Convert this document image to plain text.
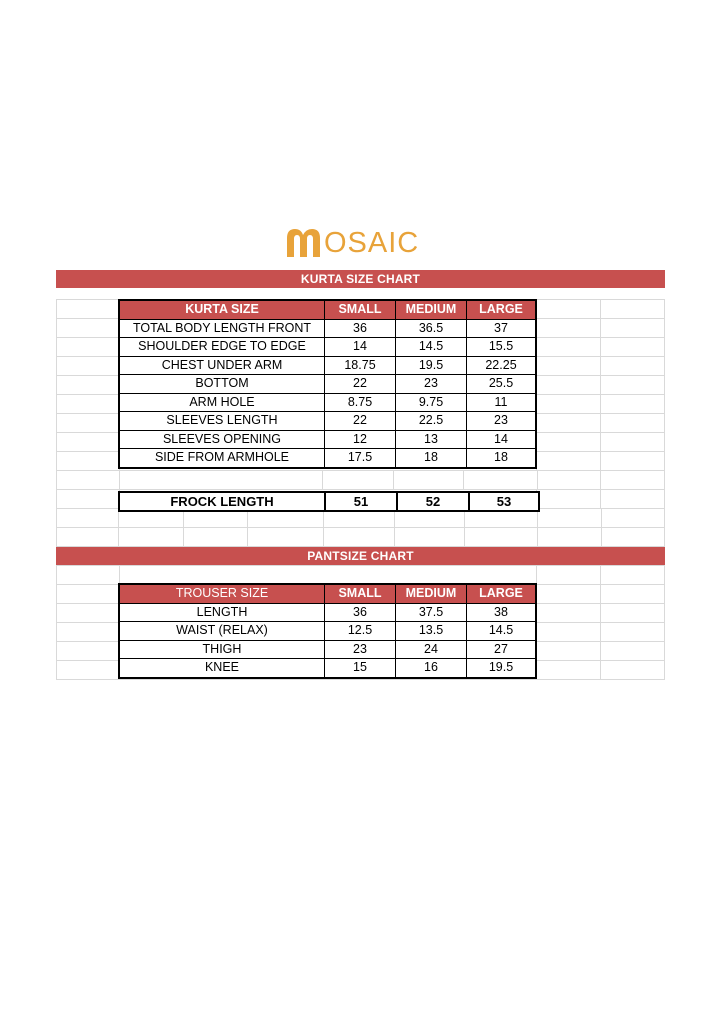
OSAIC
KURTA SIZE CHART
KURTA SIZE	SMALL	MEDIUM	LARGE
TOTAL BODY LENGTH FRONT	36	36.5	37
SHOULDER EDGE TO EDGE	14	14.5	15.5
CHEST UNDER ARM	18.75	19.5	22.25
BOTTOM	22	23	25.5
ARM HOLE	8.75	9.75	11
SLEEVES LENGTH	22	22.5	23
SLEEVES OPENING	12	13	14
SIDE FROM ARMHOLE	17.5	18	18
FROCK LENGTH	51	52	53
PANTSIZE CHART
TROUSER SIZE	SMALL	MEDIUM	LARGE
LENGTH	36	37.5	38
WAIST (RELAX)	12.5	13.5	14.5
THIGH	23	24	27
KNEE	15	16	19.5
